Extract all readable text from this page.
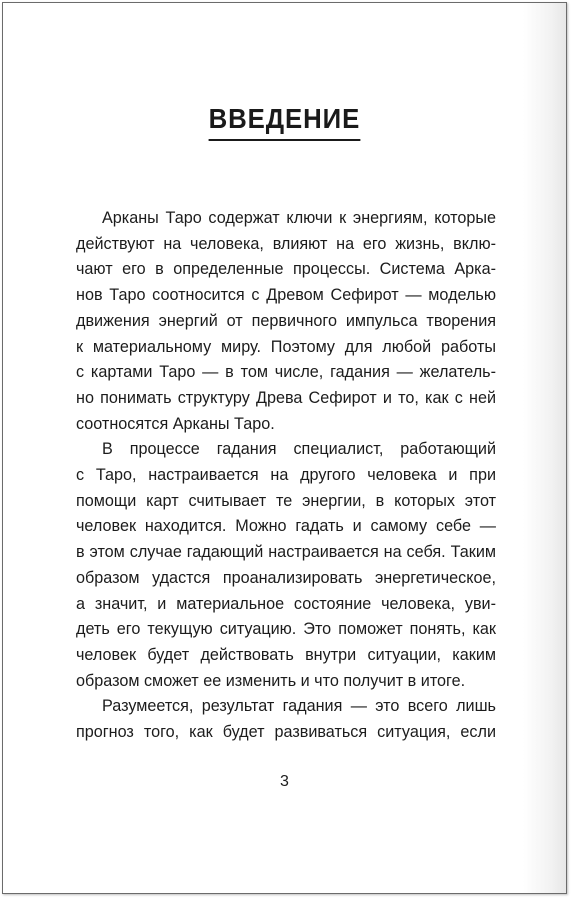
ВВЕДЕНИЕ
Арканы Таро содержат ключи к энергиям, которые
действуют на человека, влияют на его жизнь, вклю-
чают его в определенные процессы. Система Арка-
нов Таро соотносится с Древом Сефирот — моделью
движения энергий от первичного импульса творения
к материальному миру. Поэтому для любой работы
с картами Таро — в том числе, гадания — желатель-
но понимать структуру Древа Сефирот и то, как с ней
соотносятся Арканы Таро.
В процессе гадания специалист, работающий
с Таро, настраивается на другого человека и при
помощи карт считывает те энергии, в которых этот
человек находится. Можно гадать и самому себе —
в этом случае гадающий настраивается на себя. Таким
образом удастся проанализировать энергетическое,
а значит, и материальное состояние человека, уви-
деть его текущую ситуацию. Это поможет понять, как
человек будет действовать внутри ситуации, каким
образом сможет ее изменить и что получит в итоге.
Разумеется, результат гадания — это всего лишь
прогноз того, как будет развиваться ситуация, если
3
